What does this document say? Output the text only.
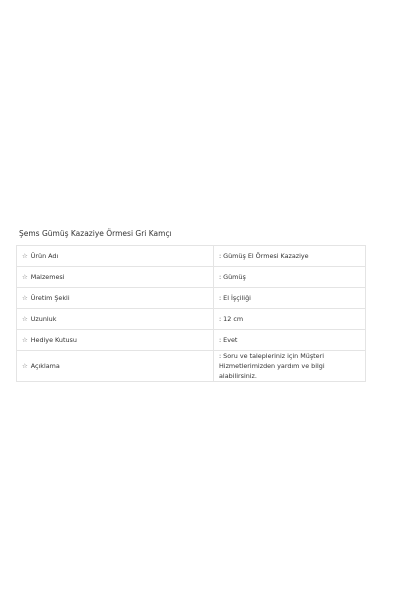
Şems Gümüş Kazaziye Örmesi Gri Kamçı
☆ Ürün Adı	: Gümüş El Örmesi Kazaziye

☆ Malzemesi	: Gümüş

☆ Üretim Şekli	: El İşçiliği

☆ Uzunluk	: 12 cm

☆ Hediye Kutusu	: Evet

☆ Açıklama	: Soru ve talepleriniz için Müşteri Hizmetlerimizden yardım ve bilgi alabilirsiniz.
